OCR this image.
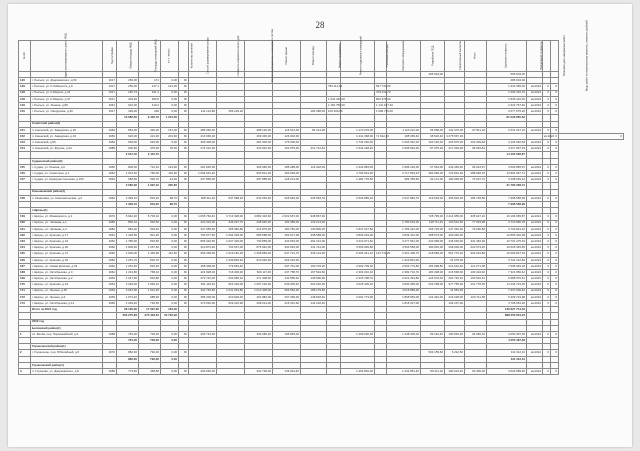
28
№ п/п	Адрес многоквартирного дома - МКД	Год постройки	Общая площадь МКД	Площадь помещений МКД	в т.ч. жилых	Количество жителей	Способ формирования фонда	Стоимость капремонта всего, руб.	Ремонт внутридомовых инженерных систем	Ремонт крыши	Ремонт фасада	Ремонт фундамента	Ремонт подвальных помещений	Утепление фасада	Лифтовое оборудование	Разработка ПСД	Строительный контроль	Итого	Удельная стоимость	Предельная стоимость	Плановая дата завершения работ	Виды работ по капитальному ремонту, стоимость (рублей)	
																496 604,00			696 604,00				
146	г. Рыльск, ул. Дзержинского, д.50	1917	256,00	171	0,00	Б/													486 604,00				
148	г. Рыльск, ул. К.Либкнехта, д.6	1917	256,00	147,1	121,00	Б/						750 112,00		567 743,00					1 343 455,00	кв.2024	0	0	
148	г. Рыльск, ул. К.Маркса, д.34	1917	230,73	191,1	0,00	Б/								479 210,70					1 099 420,70	кв.2024	0	0	
148	г. Рыльск, ул. К.Маркса, д.37	1917	403,30	390,5	0,00	Б/						1 032 440,00		802 976,30					1 835 416,30	кв.2024	0	0	
149	г. Рыльск, ул. Ленина, д.89	1961	610,00	416,2	0,00	Б/						1 181 750,00		1 141 017,40					2 322 767,40	кв.2024	0	0	
150	г. Рыльск, ул. Свердлова, д.30	1917	429,00	236	0,00	Б/	211 124,80	456 229,20			182 386,00	105 209,00		1 096 716,00					2 077 675,20	кв.2024	0	0	
			10 682,60	9 405,70	1 044,50														81 026 865,62				
	Советский район(4)																						
151	п. Кшенский, ул. Заводская, д.26	1984	864,00	436,20	167,00	Б/	285 360,00		288 120,00	116 512,00	82 144,00		1 170 078,00		1 110 212,00	66 658,00	142 470,00	97 811,10	3 241 327,10	кв.2024	0	0	
152	п. Кшенский, ул. Заводская, д.34	1984	626,00	421,00	201,60	Б/	213 066,00		269 436,00	126 002,00			1 441 368,00	71 622,46	188 365,40	68 526,46	3 275 567,29				кв.2024	0	0
153	п. Кшенский, д.5б	1984	648,00	634,30	0,00	Б/	309 405,00		281 300,00	176 000,00			1 744 290,00		1 093 342,00	103 146,00	224 870,00	202 309,48	4 134 662,48	кв.2024	0	0	
154	п. Кшенский, ул. Фрунзе, д.34	1985	606,60	476,00	78,30	Б/	274 312,00		340 542,00	161 875,00	212 712,40		1 544 248,20		1 096 540,00	87 975,20	217 029,28	99 084,81	4 217 967,33	кв.2024	0	0	
			2 647,40	2 115,70															14 460 568,87				
	Судженский район(4)																						
155	г. Суджа, ул. Ленина, д.6	1960	806,00	712,10	143,90	Б/	291 845,00		366 082,00	185 288,00	119 418,00		1 642 884,00		1 586 166,00	67 564,00	236 384,00	96 244,97	4 593 865,97	кв.2024	0	0	
156	г. Суджа, пл. Советская, д.1	1962	1 607,40	750,00	116,90	Б/	1 094 961,20		953 821,00	393 648,00			4 793 544,00		3 717 863,43	483 690,00	723 810,30	288 928,15	13 894 967,74	кв.2024	0	0	
157	г. Суджа, ул. Коммунистическая, д.15б	1964	668,50	530,70	44,60	Б/	227 856,00		287 885,00	128 213,00			1 284 778,50		984 355,50	62 172,00	180 095,00	73 327,72	3 498 625,12	кв.2024	0	0	
			3 082,90	1 997,10	305,60														21 780 358,74				
	Конышевский район(1)																						
158	с. Казановка, ул. Комсомольская, д.2	1962	1 329,10	819,20	98,70	Б/	308 311,20	547 598,20	643 264,00	325 940,00	235 594,70		2 529 985,20		2 547 884,70	119 618,00	305 502,93	186 725,80	7 998 558,99	кв.2024	0	0	
			1 329,10	819,20	98,70														7 998 558,99				
	г.Щигры(1)																						
159	г. Щигры, ул. Маяковского, д.1	1970	5 942,20	5 706,10	0,00	Б/	1 665 760,40	3 713 338,00	3 882 426,60	2 002 667,00	948 867,00					725 795,00	2 214 955,00	335 027,20	16 196 065,87	кв.2024	0	0	
160	г. Щигры, ул. Чапаева, д.1	1980	850,10	526,50	0,00	Б/	323 034,00	349 297,70	438 945,00	183 389,00	129 213,00				1 780 634,00	138 711,40	160 516,66	77 033,98	3 719 986,78	кв.2024	0	0	
161	г. Щигры, ул. Чапаева, д.3	1982	863,00	533,40	0,00	Б/	327 055,60	355 382,80	412 875,00	180 782,00	130 800,00		1 847 027,50		1 783 412,00	156 725,00	247 362,00	79 290,80	3 720 944,10	кв.2024	0	0	
162	г. Щигры, ул. Красная, д.17	1961	1 418,50	811,20	0,00	Б/	763 077,60	1 094 325,00	686 588,00	462 017,38	338 558,00		3 836 249,00		3 839 412,00	288 673,00	309 452,00		12 895 402,38	кв.2024	0	0	
163	г. Щигры, ул. Красная, д.19	1962	1 780,00	833,50	0,00	Б/	805 434,50	1 027 429,00	730 859,00	343 663,00	262 161,00		3 410 071,40		3 277 961,00	232 668,00	346 645,00	331 484,36	10 701 275,34	кв.2024	0	0	
164	г. Щигры, ул. Красная, д.20	1960	1 809,60	1 267,60	0,00	Б/	410 873,60	763 637,00	875 942,00	400 645,00	211 744,00		3 566 925,80		3 563 558,00	180 946,00	268 000,00	222 573,45	10 625 345,85	кв.2024	0	0	
165	г. Щигры, ул. Красная, д.47	1960	2 906,00	1 425,90	112,50	Б/	956 348,00	1 619 181,30	1 208 883,00	647 721,70	339 124,00		5 366 441,16	134 711,20	3 301 438,70	218 686,00	561 770,20	304 024,80	16 083 847,04	кв.2024	0	0	
166	г. Щигры, ул. Красная, д.49	1960	1 251,70	816,70	0,00	Б/		1 339 825,40	610 962,00	226 222,00					1 423 801,00		31 578,00		3 724 312,60	кв.2024	0	0	
167	г. Щигры, ул. Новая Красная, д.34	1962	1 251,30	815,30	0,00	Б/	458 408,00	779 663,40		297 761,00	160 703,20		2 902 709,92		2 503 773,80	154 038,80	414 616,40	112 271,38	7 508 449,18	кв.2024	0	0	
168	г. Щигры, ул. Октябрьская, д.4	1962	1 231,80	768,10	0,00	Б/	421 828,00	716 000,00	529 117,00	237 758,70	167 534,60		2 364 016,10		2 382 710,70	180 438,00	416 568,00	103 434,92	7 321 850,42	кв.2024	0	0	
169	г. Щигры, ул. Октябрьская, д.2	1963	1 247,50	815,80	0,00	Б/	372 742,00	632 965,10	471 408,00	211 585,40	146 906,90		2 215 798,70		2 021 443,80	124 976,00	291 740,10	100 516,61	6 588 076,61	кв.2024	0	0	
170	г. Щигры, ул. Красная, д.44	1964	2 248,20	1 593,10	0,00	Б/	521 115,40	823 434,00	1 057 120,00	539 305,40	362 602,00		4 025 409,10		3 830 485,00	233 158,00	377 755,00	261 778,35	14 446 723,25	кв.2024	0	0	
171	г. Щигры, ул. Ленина, д.35	1963	3 044,50	1 914,30	0,00	Б/	402 745,80	1 041 063,80	1 012 408,00	593 560,00	188 179,80				4 016 880,00		41 581,00		7 337 006,40	кв.2024	0	0	
172	г. Щигры, ул. Ленина, д.6	1965	1 974,40	988,90	0,00	Б/	385 200,00	610 929,00	461 882,00	207 396,00	148 818,40		2 091 773,00		1 868 953,00	122 491,00	216 228,00	103 711,58	6 309 724,98	кв.2024	0	0	
173	г. Щигры, ул. Октябрьская, д.14	1965	1 249,40	793,50	0,00	Б/	370 532,00	629 416,90	468 614,00	216 331,60	144 218,40				1 818 417,00		134 237,00		4 708 054,20	кв.2024	0	0	
	Итого за 2021 год		28 195,90	17 097,90	163,30														136 627 714,40				
			263 275,83	275 403,64	34 732,92														888 256 604,23				
	2022 год																						
	Беловский район(1)																						
1	сл. Белая, пер. Первомайский, д.6	1968	781,00	729,00	0,00	Б/	265 744,00		336 680,00	196 845,00			1 499 000,00		1 448 306,00	89 162,40	180 549,00	94 966,16	4 050 497,36	кв.2024	0	0	
			781,00	729,00	0,00														4 050 497,36				
	Горшеченский район(1)																						
2	г. Горшечное, пер. Юбилейный, д.6	1970	882,60	792,00	0,00	Б/										504 155,60	6 222,50		311 312,10	кв.2024	0	0	
			882,60	792,00	0,00														311 312,10				
	Глушковский район(1)																						
3	п. Глушково, ул. Дзержинского, д.8	1986	773,60	458,80	0,00	Б/	263 652,00		332 736,00	149 343,40			1 464 802,00		1 432 851,40	89 211,20	180 023,40	92 300,00	4 024 989,66	кв.2024	0	0	
